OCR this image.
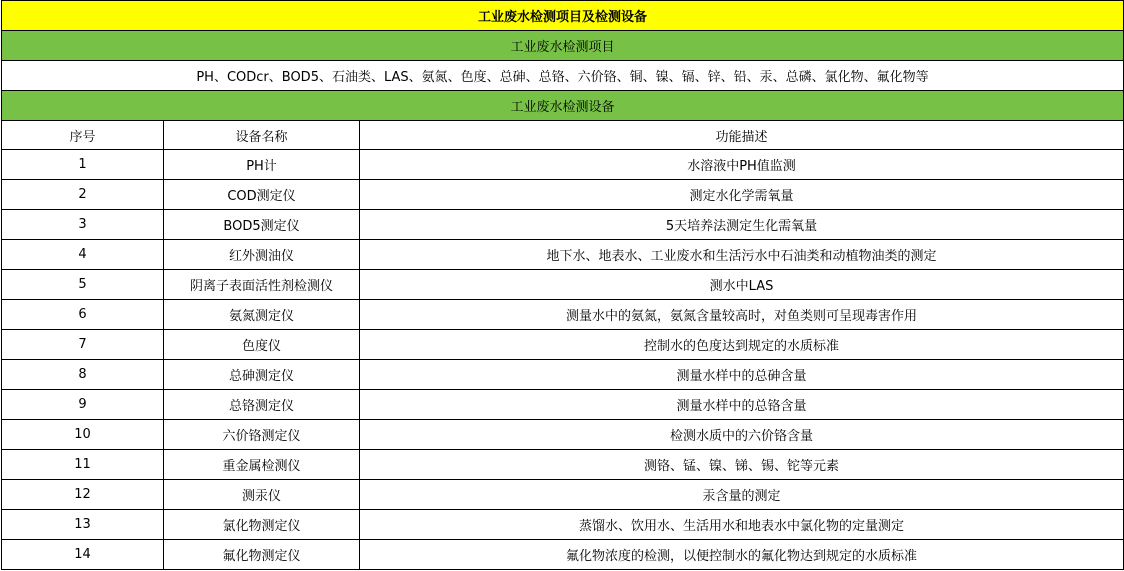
工业废水检测项目及检测设备		
工业废水检测项目		
PH、CODcr、BOD5、石油类、LAS、氨氮、色度、总砷、总铬、六价铬、铜、镍、镉、锌、铅、汞、总磷、氯化物、氟化物等		
工业废水检测设备		
序号	设备名称	功能描述
1	PH计	水溶液中PH值监测
2	COD测定仪	测定水化学需氧量
3	BOD5测定仪	5天培养法测定生化需氧量
4	红外测油仪	地下水、地表水、工业废水和生活污水中石油类和动植物油类的测定
5	阴离子表面活性剂检测仪	测水中LAS
6	氨氮测定仪	测量水中的氨氮，氨氮含量较高时，对鱼类则可呈现毒害作用
7	色度仪	控制水的色度达到规定的水质标准
8	总砷测定仪	测量水样中的总砷含量
9	总铬测定仪	测量水样中的总铬含量
10	六价铬测定仪	检测水质中的六价铬含量
11	重金属检测仪	测铬、锰、镍、锑、锡、铊等元素
12	测汞仪	汞含量的测定
13	氯化物测定仪	蒸馏水、饮用水、生活用水和地表水中氯化物的定量测定
14	氟化物测定仪	氟化物浓度的检测，以便控制水的氟化物达到规定的水质标准
